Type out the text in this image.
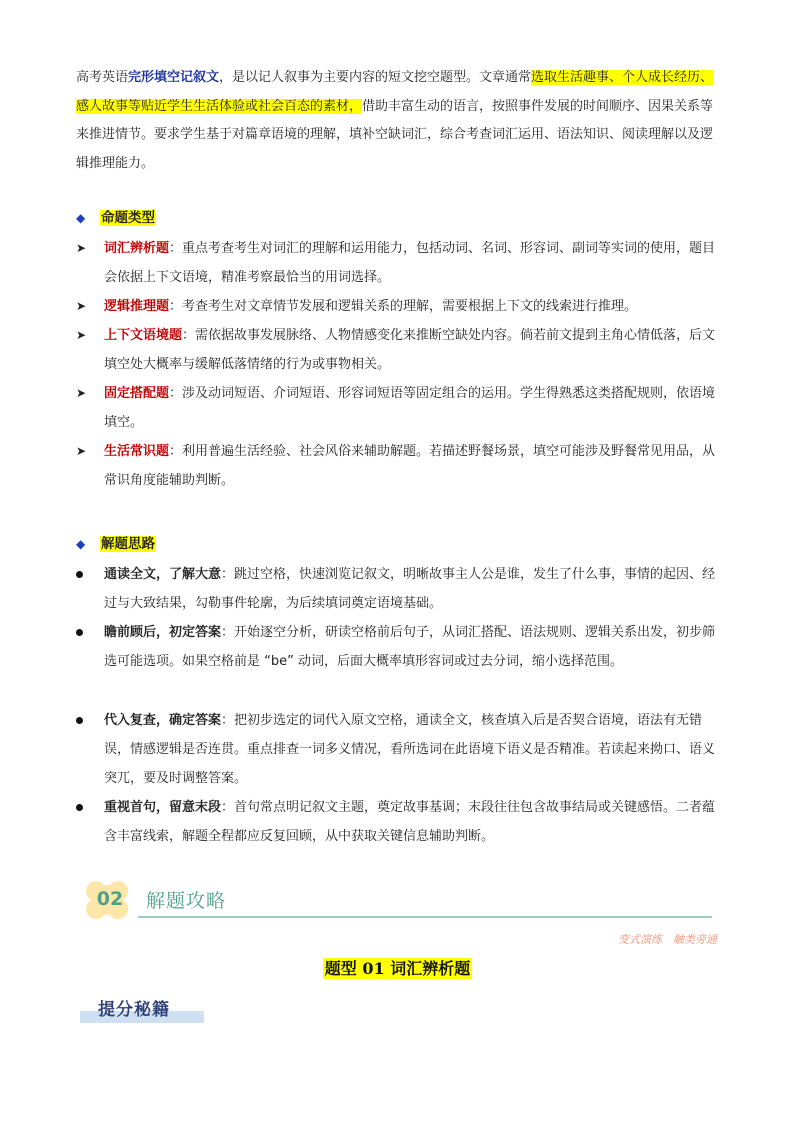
高考英语完形填空记叙文，是以记人叙事为主要内容的短文挖空题型。文章通常选取生活趣事、个人成长经历、感人故事等贴近学生生活体验或社会百态的素材，借助丰富生动的语言，按照事件发展的时间顺序、因果关系等来推进情节。要求学生基于对篇章语境的理解，填补空缺词汇，综合考查词汇运用、语法知识、阅读理解以及逻辑推理能力。

◆ 命题类型
➤	词汇辨析题：重点考查考生对词汇的理解和运用能力，包括动词、名词、形容词、副词等实词的使用，题目会依据上下文语境，精准考察最恰当的用词选择。
➤	逻辑推理题：考查考生对文章情节发展和逻辑关系的理解，需要根据上下文的线索进行推理。
➤	上下文语境题：需依据故事发展脉络、人物情感变化来推断空缺处内容。倘若前文提到主角心情低落，后文填空处大概率与缓解低落情绪的行为或事物相关。
➤	固定搭配题：涉及动词短语、介词短语、形容词短语等固定组合的运用。学生得熟悉这类搭配规则，依语境填空。
➤	生活常识题：利用普遍生活经验、社会风俗来辅助解题。若描述野餐场景，填空可能涉及野餐常见用品，从常识角度能辅助判断。
◆ 解题思路
通读全文，了解大意：跳过空格，快速浏览记叙文，明晰故事主人公是谁，发生了什么事，事情的起因、经过与大致结果，勾勒事件轮廓，为后续填词奠定语境基础。
瞻前顾后，初定答案：开始逐空分析，研读空格前后句子，从词汇搭配、语法规则、逻辑关系出发，初步筛选可能选项。如果空格前是 “be” 动词，后面大概率填形容词或过去分词，缩小选择范围。
代入复查，确定答案：把初步选定的词代入原文空格，通读全文，核查填入后是否契合语境，语法有无错误，情感逻辑是否连贯。重点排查一词多义情况，看所选词在此语境下语义是否精准。若读起来拗口、语义突兀，要及时调整答案。
重视首句，留意末段：首句常点明记叙文主题，奠定故事基调；末段往往包含故事结局或关键感悟。二者蕴含丰富线索，解题全程都应反复回顾，从中获取关键信息辅助判断。
02	解题攻略
变式演练　触类旁通
题型 01 词汇辨析题
提分秘籍
